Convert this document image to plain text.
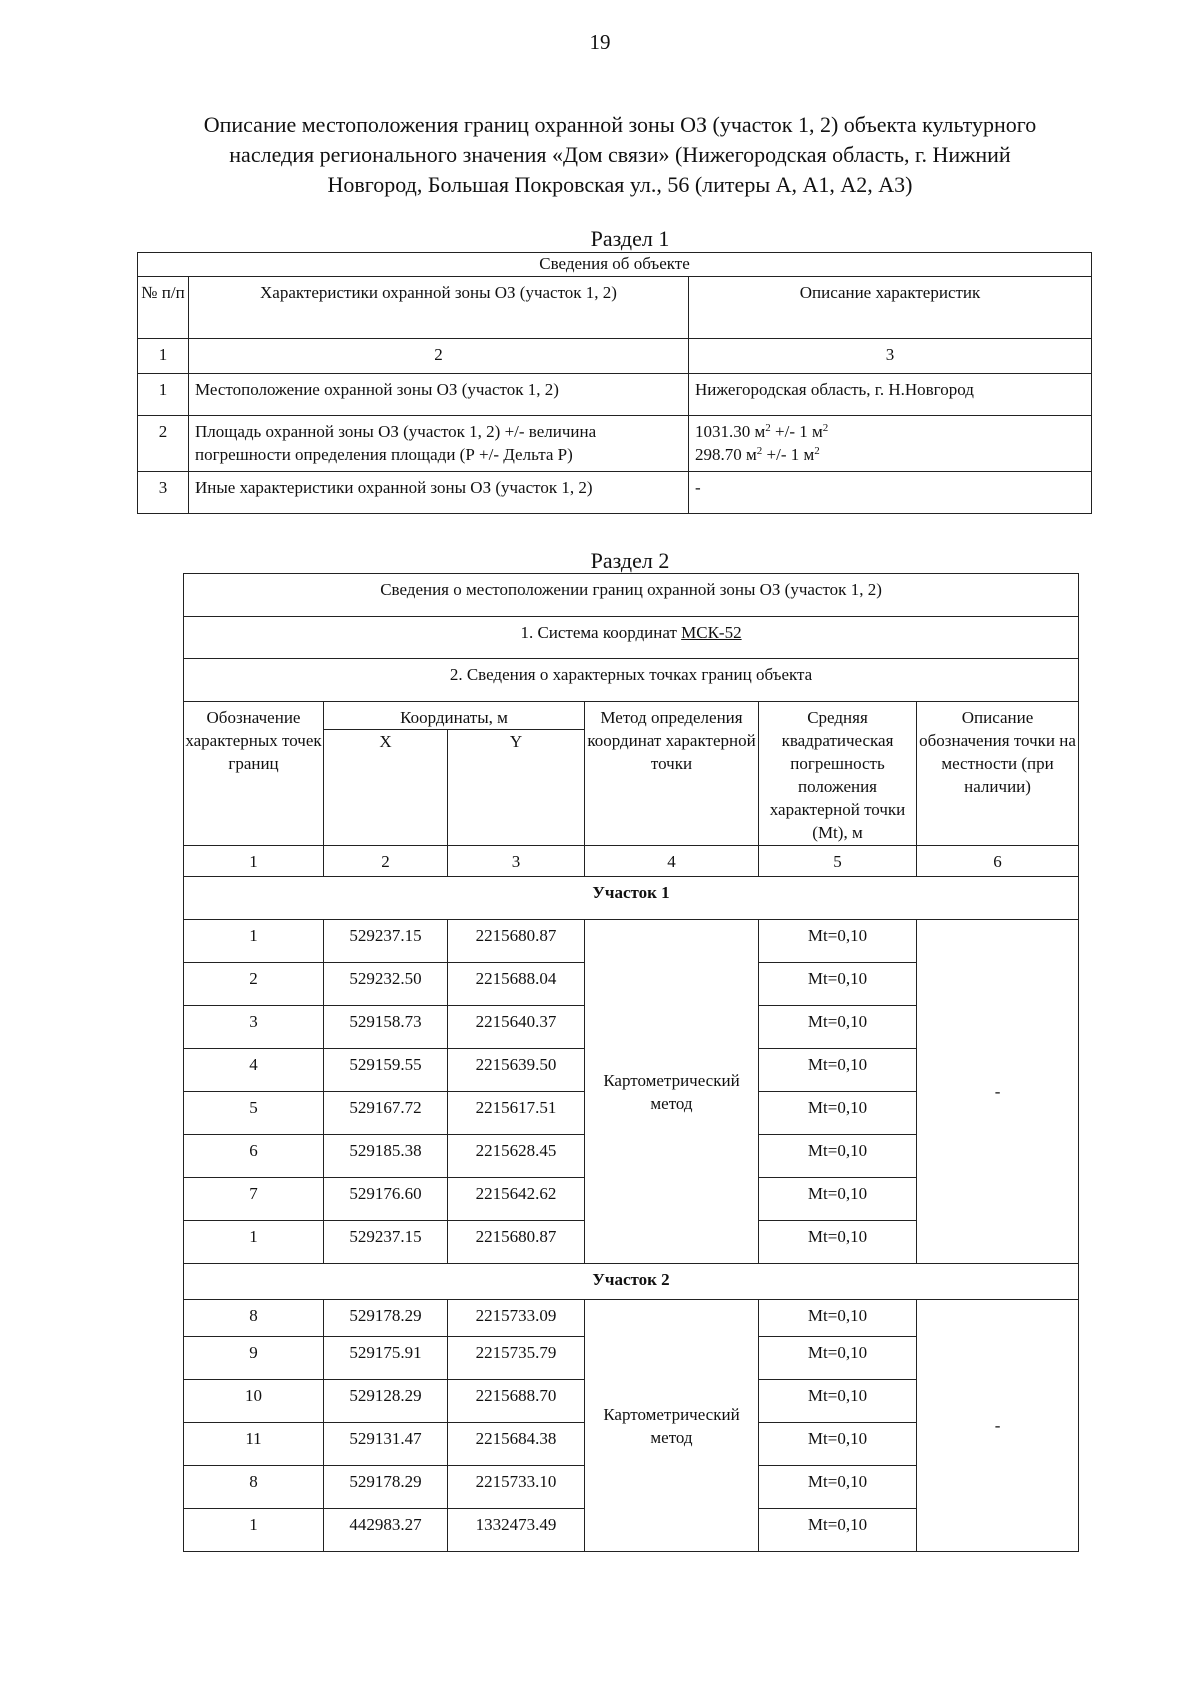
19
Описание местоположения границ охранной зоны ОЗ (участок 1, 2) объекта культурного
наследия регионального значения «Дом связи» (Нижегородская область, г. Нижний
Новгород, Большая Покровская ул., 56 (литеры А, А1, А2, А3)
Раздел 1
Сведения об объекте		
№ п/п	Характеристики охранной зоны ОЗ (участок 1, 2)	Описание характеристик
1	2	3
1	Местоположение охранной зоны ОЗ (участок 1, 2)	Нижегородская область, г. Н.Новгород
2	Площадь охранной зоны ОЗ (участок 1, 2) +/- величина погрешности определения площади (Р +/- Дельта Р)	1031.30 $м^2$ +/- 1 $м^2$
298.70 $м^2$ +/- 1 $м^2$

3	Иные характеристики охранной зоны ОЗ (участок 1, 2)	-
Раздел 2
Сведения о местоположении границ охранной зоны ОЗ (участок 1, 2)					
1. Система координат МСК-52					
2. Сведения о характерных точках границ объекта					
Обозначение характерных точек границ	Координаты, м		Метод определения координат характерной точки	Средняя квадратическая погрешность положения характерной точки (Mt), м	Описание обозначения точки на местности (при наличии)
	X	Y			
1	2	3	4	5	6
Участок 1					
1	529237.15	2215680.87	Картометрический метод	Mt=0,10	-
2	529232.50	2215688.04		Mt=0,10	
3	529158.73	2215640.37		Mt=0,10	
4	529159.55	2215639.50		Mt=0,10	
5	529167.72	2215617.51		Mt=0,10	
6	529185.38	2215628.45		Mt=0,10	
7	529176.60	2215642.62		Mt=0,10	
1	529237.15	2215680.87		Mt=0,10	
Участок 2					
8	529178.29	2215733.09	Картометрический метод	Mt=0,10	-
9	529175.91	2215735.79		Mt=0,10	
10	529128.29	2215688.70		Mt=0,10	
11	529131.47	2215684.38		Mt=0,10	
8	529178.29	2215733.10		Mt=0,10	
1	442983.27	1332473.49		Mt=0,10	
